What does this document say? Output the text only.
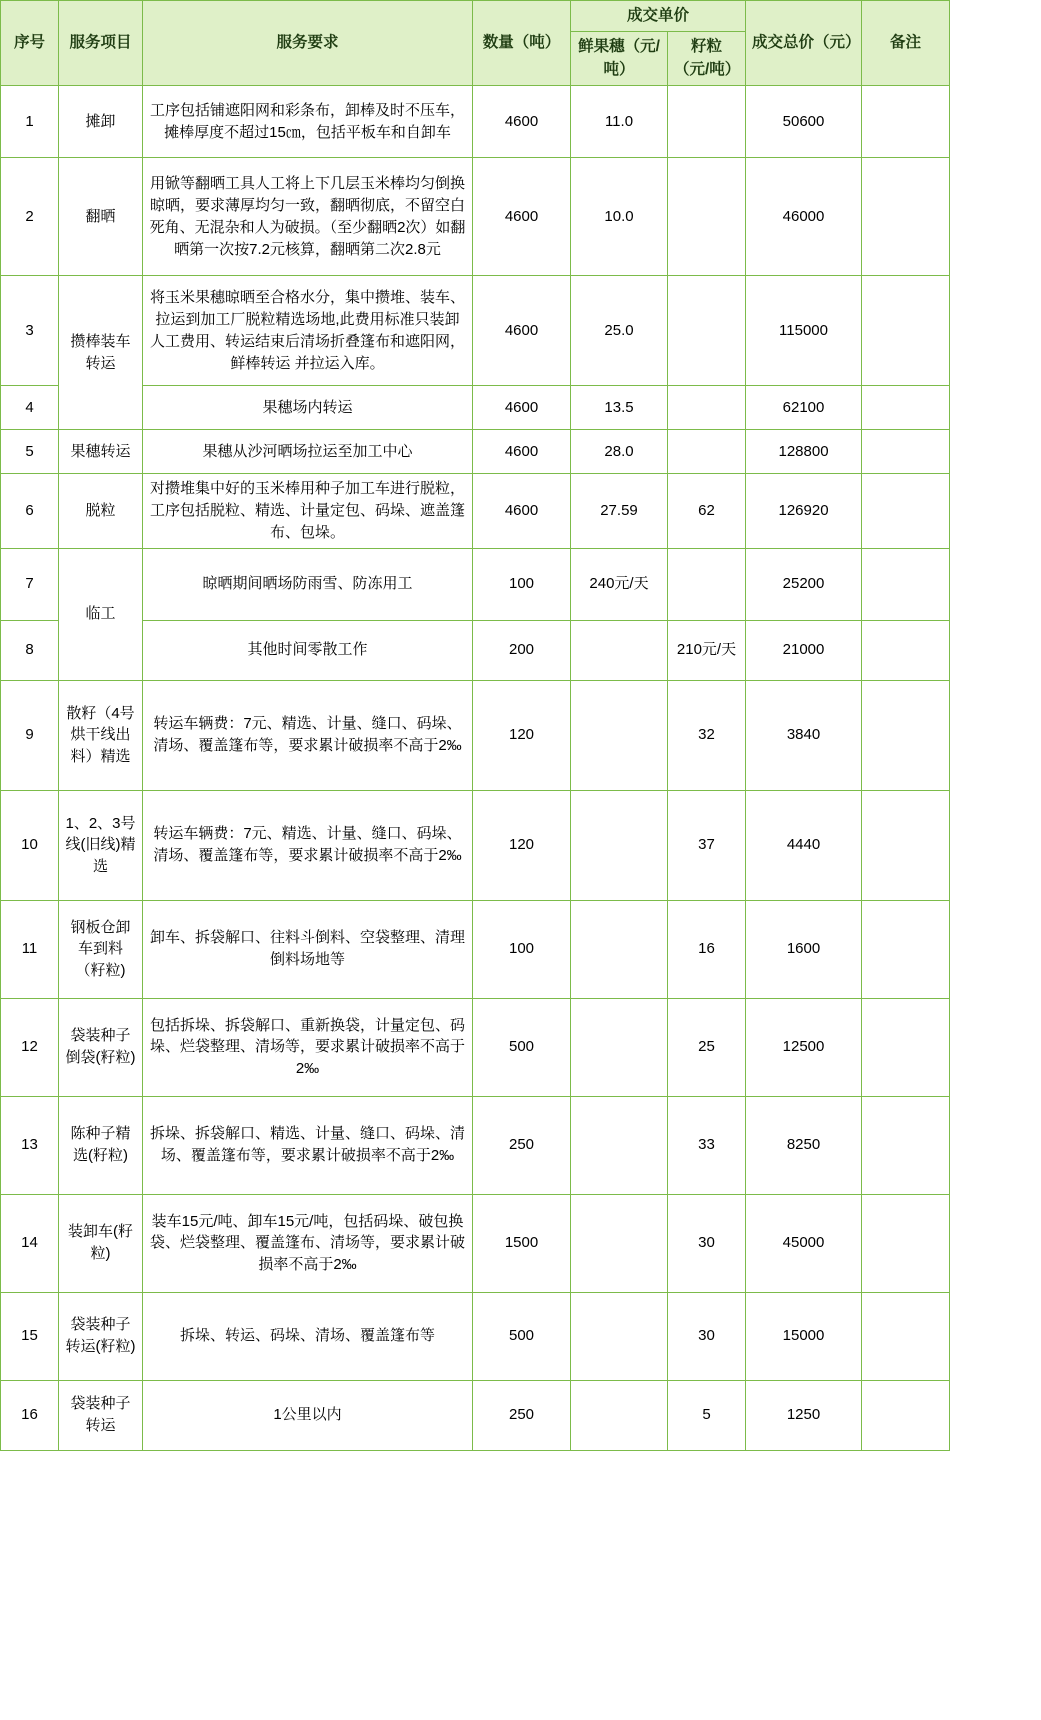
序号	服务项目	服务要求	数量（吨）	成交单价		成交总价（元）	备注
				鲜果穗（元/吨）	籽粒（元/吨）		
1	摊卸	工序包括铺遮阳网和彩条布，卸棒及时不压车，摊棒厚度不超过15㎝，包括平板车和自卸车	4600	11.0		50600	
2	翻晒	用锨等翻晒工具人工将上下几层玉米棒均匀倒换晾晒，要求薄厚均匀一致，翻晒彻底，不留空白死角、无混杂和人为破损。（至少翻晒2次）如翻晒第一次按7.2元核算，翻晒第二次2.8元	4600	10.0		46000	
3	攒棒装车转运	将玉米果穗晾晒至合格水分，集中攒堆、装车、拉运到加工厂脱粒精选场地,此费用标准只装卸人工费用、转运结束后清场折叠篷布和遮阳网，鲜棒转运 并拉运入库。	4600	25.0		115000	
4		果穗场内转运	4600	13.5		62100	
5	果穗转运	果穗从沙河晒场拉运至加工中心	4600	28.0		128800	
6	脱粒	对攒堆集中好的玉米棒用种子加工车进行脱粒，工序包括脱粒、精选、计量定包、码垛、遮盖篷布、包垛。	4600	27.59	62	126920	
7	临工	晾晒期间晒场防雨雪、防冻用工	100	240元/天		25200	
8		其他时间零散工作	200		210元/天	21000	
9	散籽（4号烘干线出料）精选	转运车辆费：7元、精选、计量、缝口、码垛、清场、覆盖篷布等，要求累计破损率不高于2‰	120		32	3840	
10	1、2、3号线(旧线)精选	转运车辆费：7元、精选、计量、缝口、码垛、清场、覆盖篷布等，要求累计破损率不高于2‰	120		37	4440	
11	钢板仓卸车到料（籽粒)	卸车、拆袋解口、往料斗倒料、空袋整理、清理倒料场地等	100		16	1600	
12	袋装种子倒袋(籽粒)	包括拆垛、拆袋解口、重新换袋，计量定包、码垛、烂袋整理、清场等，要求累计破损率不高于2‰	500		25	12500	
13	陈种子精选(籽粒)	拆垛、拆袋解口、精选、计量、缝口、码垛、清场、覆盖篷布等，要求累计破损率不高于2‰	250		33	8250	
14	装卸车(籽粒)	装车15元/吨、卸车15元/吨，包括码垛、破包换袋、烂袋整理、覆盖篷布、清场等，要求累计破损率不高于2‰	1500		30	45000	
15	袋装种子转运(籽粒)	拆垛、转运、码垛、清场、覆盖篷布等	500		30	15000	
16	袋装种子转运	1公里以内	250		5	1250	
